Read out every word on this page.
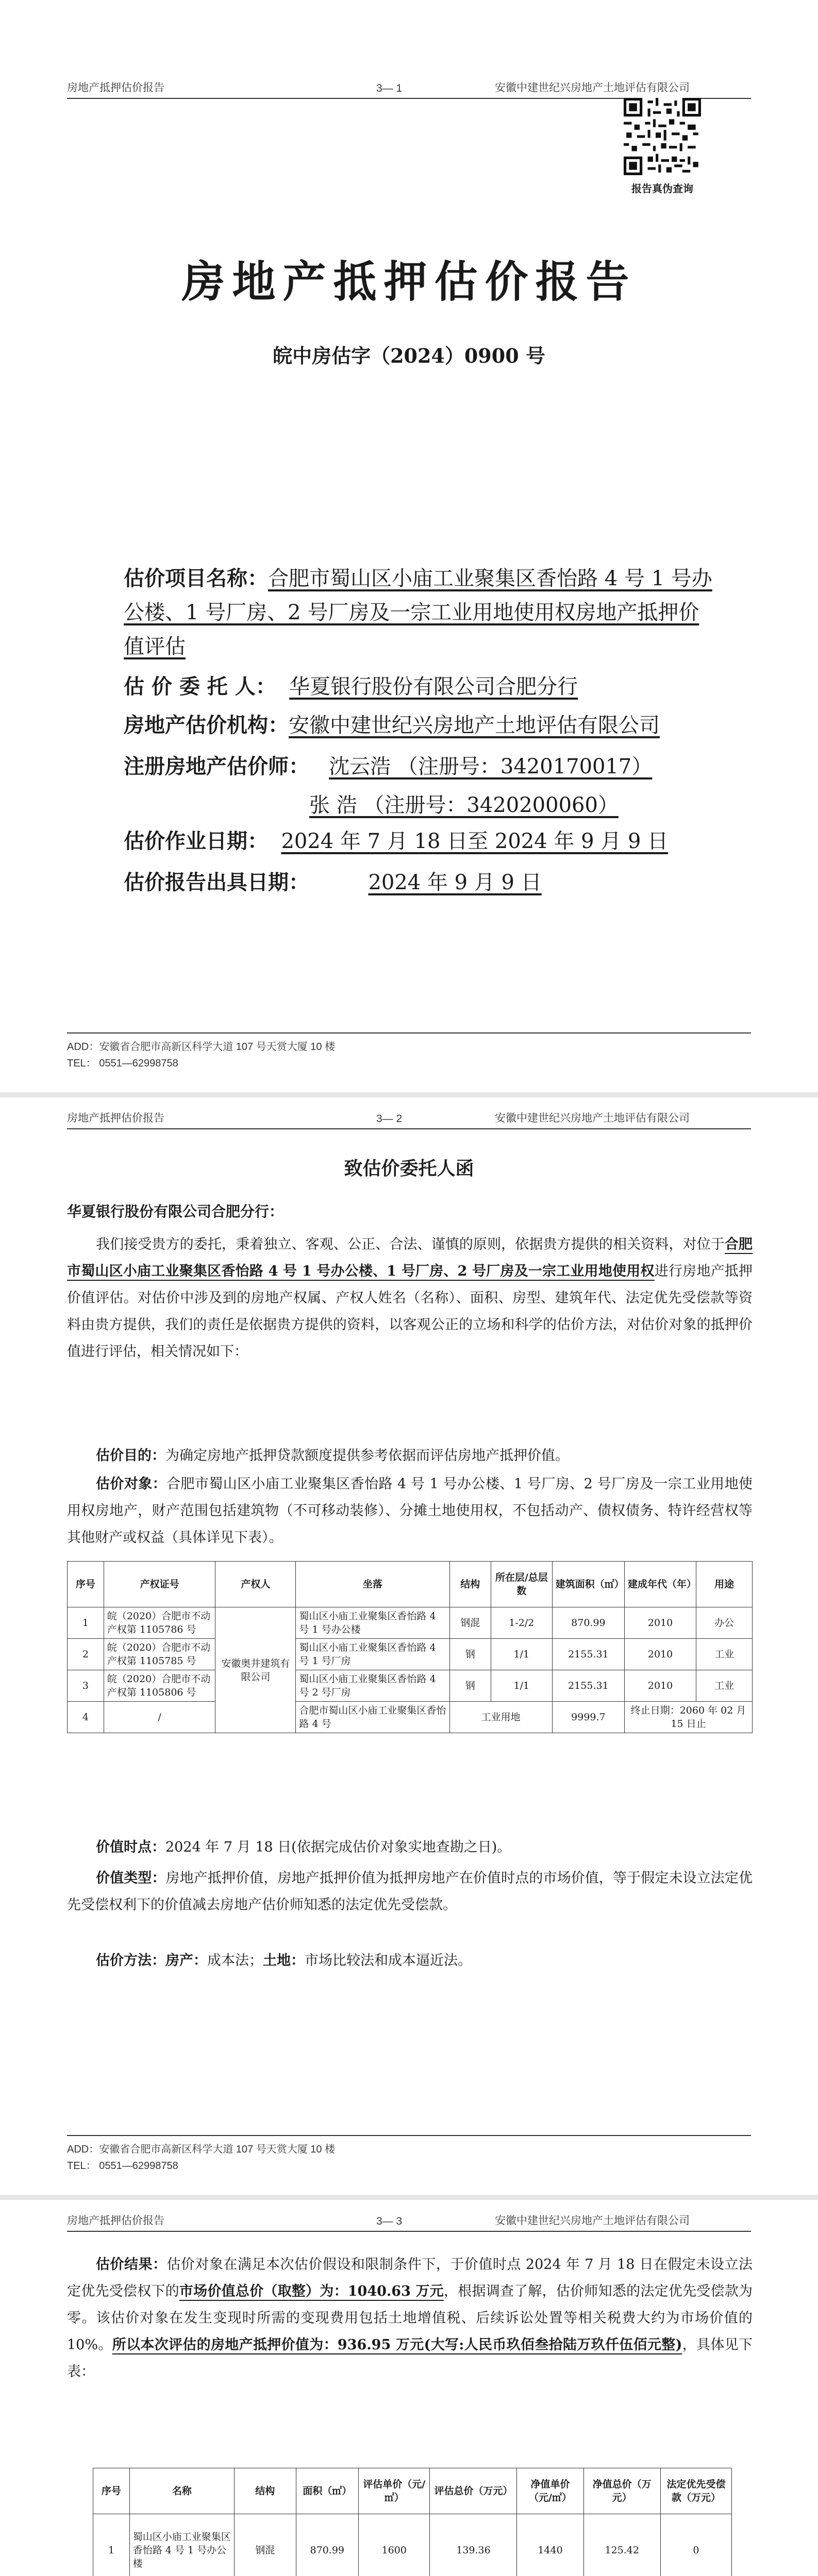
房地产抵押估价报告	3— 1	安徽中建世纪兴房地产土地评估有限公司
报告真伪查询
房地产抵押估价报告
皖中房估字（2024）0900 号
估价项目名称：合肥市蜀山区小庙工业聚集区香怡路 4 号 1 号办公楼、1 号厂房、2 号厂房及一宗工业用地使用权房地产抵押价值评估
估 价 委 托 人： 华夏银行股份有限公司合肥分行
房地产估价机构：安徽中建世纪兴房地产土地评估有限公司
注册房地产估价师： 沈云浩 （注册号：3420170017）
张 浩 （注册号：3420200060）
估价作业日期： 2024 年 7 月 18 日至 2024 年 9 月 9 日
估价报告出具日期：	2024 年 9 月 9 日
ADD：安徽省合肥市高新区科学大道 107 号天赏大厦 10 楼
TEL： 0551—62998758
房地产抵押估价报告	3— 2	安徽中建世纪兴房地产土地评估有限公司
致估价委托人函
华夏银行股份有限公司合肥分行：
我们接受贵方的委托，秉着独立、客观、公正、合法、谨慎的原则，依据贵方提供的相关资料，对位于合肥市蜀山区小庙工业聚集区香怡路 4 号 1 号办公楼、1 号厂房、2 号厂房及一宗工业用地使用权进行房地产抵押价值评估。对估价中涉及到的房地产权属、产权人姓名（名称）、面积、房型、建筑年代、法定优先受偿款等资料由贵方提供，我们的责任是依据贵方提供的资料，以客观公正的立场和科学的估价方法，对估价对象的抵押价值进行评估，相关情况如下：
估价目的：为确定房地产抵押贷款额度提供参考依据而评估房地产抵押价值。
估价对象：合肥市蜀山区小庙工业聚集区香怡路 4 号 1 号办公楼、1 号厂房、2 号厂房及一宗工业用地使用权房地产，财产范围包括建筑物（不可移动装修）、分摊土地使用权，不包括动产、债权债务、特许经营权等其他财产或权益（具体详见下表）。
序号	产权证号	产权人	坐落	结构	所在层/总层数	建筑面积（㎡）	建成年代（年）	用途
1	皖（2020）合肥市不动产权第 1105786 号	安徽奥井建筑有限公司	蜀山区小庙工业聚集区香怡路 4 号 1 号办公楼	钢混	1-2/2	870.99	2010	办公
2	皖（2020）合肥市不动产权第 1105785 号		蜀山区小庙工业聚集区香怡路 4 号 1 号厂房	钢	1/1	2155.31	2010	工业
3	皖（2020）合肥市不动产权第 1105806 号		蜀山区小庙工业聚集区香怡路 4 号 2 号厂房	钢	1/1	2155.31	2010	工业
4	/		合肥市蜀山区小庙工业聚集区香怡路 4 号	工业用地		9999.7	终止日期：2060 年 02 月 15 日止	
价值时点：2024 年 7 月 18 日(依据完成估价对象实地查勘之日)。
价值类型：房地产抵押价值，房地产抵押价值为抵押房地产在价值时点的市场价值，等于假定未设立法定优先受偿权利下的价值减去房地产估价师知悉的法定优先受偿款。
估价方法：房产：成本法；土地：市场比较法和成本逼近法。
ADD：安徽省合肥市高新区科学大道 107 号天赏大厦 10 楼
TEL： 0551—62998758
房地产抵押估价报告	3— 3	安徽中建世纪兴房地产土地评估有限公司
估价结果：估价对象在满足本次估价假设和限制条件下，于价值时点 2024 年 7 月 18 日在假定未设立法定优先受偿权下的市场价值总价（取整）为：1040.63 万元，根据调查了解，估价师知悉的法定优先受偿款为零。该估价对象在发生变现时所需的变现费用包括土地增值税、后续诉讼处置等相关税费大约为市场价值的 10%。所以本次评估的房地产抵押价值为：936.95 万元(大写:人民币玖佰叁拾陆万玖仟伍佰元整)，具体见下表：
序号	名称	结构	面积（㎡）	评估单价（元/㎡）	评估总价（万元）	净值单价（元/㎡）	净值总价（万元）	法定优先受偿款（万元）
1	蜀山区小庙工业聚集区香怡路 4 号 1 号办公楼	钢混	870.99	1600	139.36	1440	125.42	0
